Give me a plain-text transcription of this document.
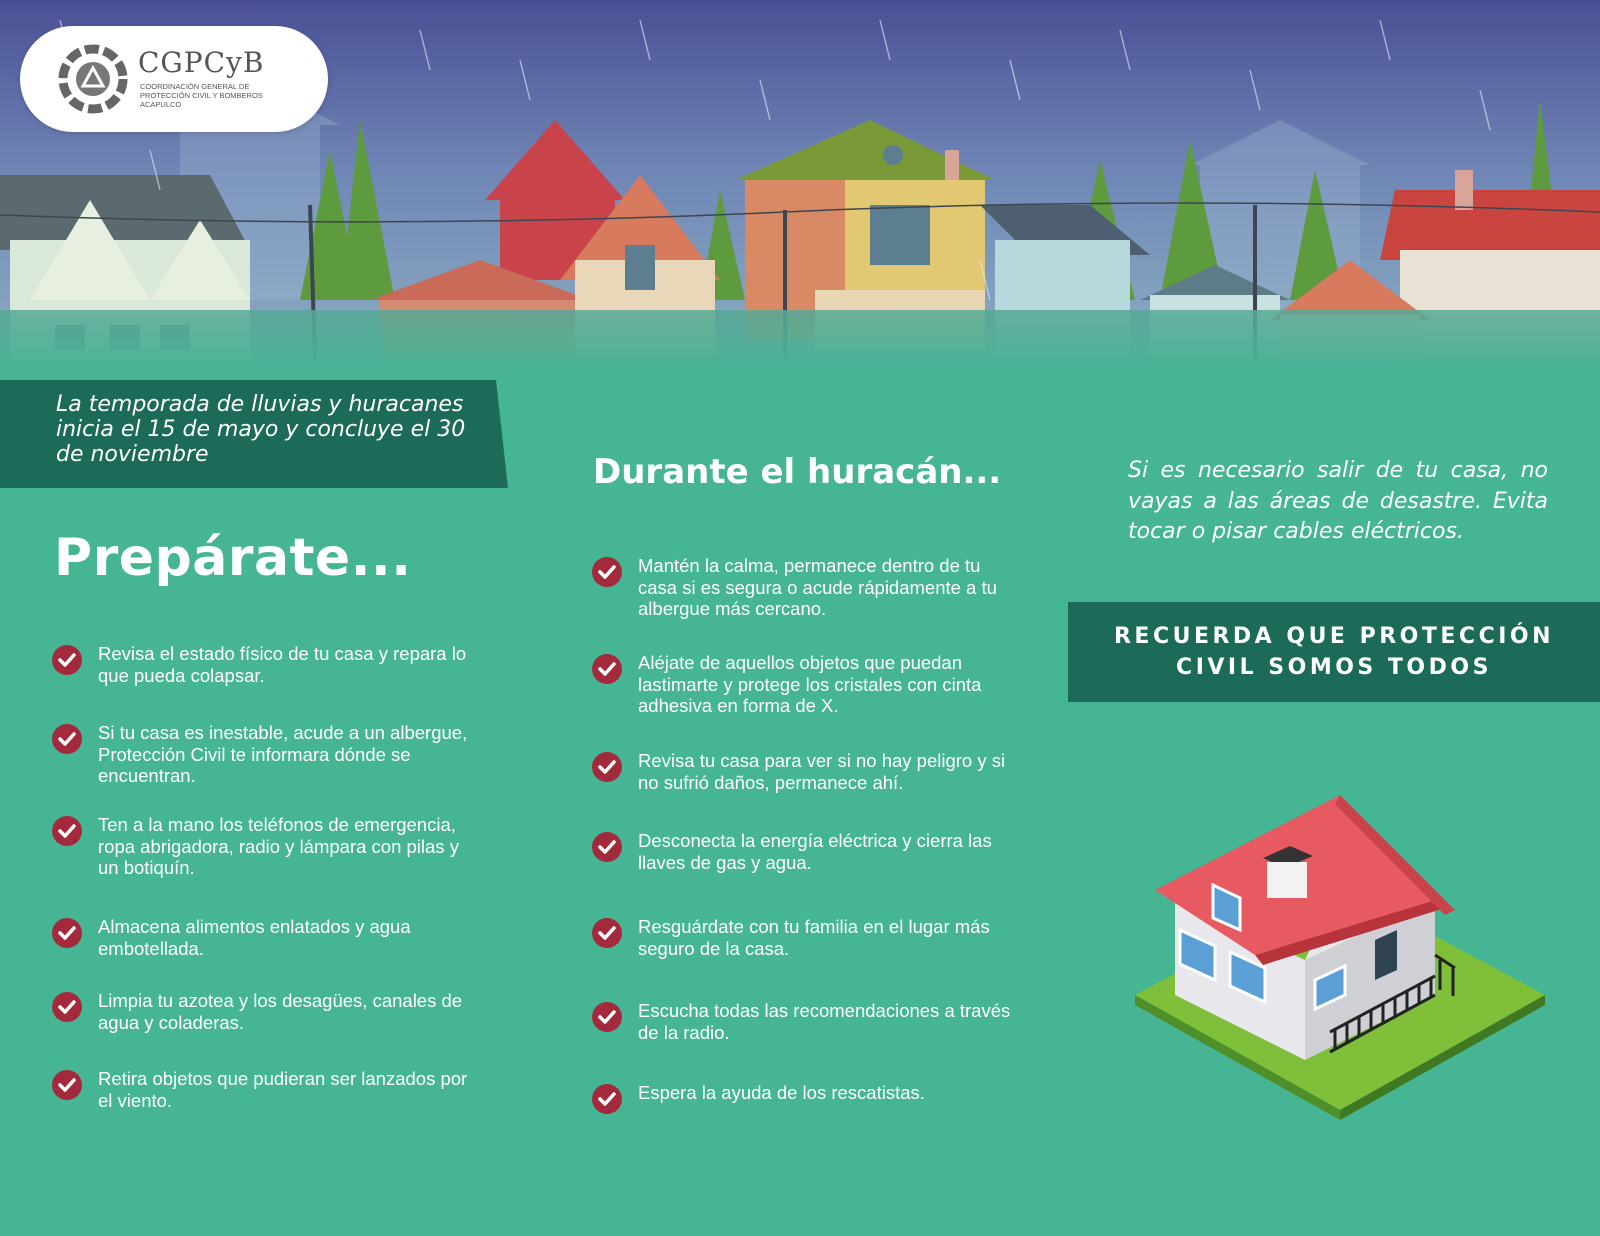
CGPCyB
COORDINACIÓN GENERAL DE PROTECCIÓN CIVIL Y BOMBEROS ACAPULCO
La temporada de lluvias y huracanes inicia el 15 de mayo y concluye el 30 de noviembre
Prepárate...
Revisa el estado físico de tu casa y repara lo que pueda colapsar.
Si tu casa es inestable, acude a un albergue, Protección Civil te informara dónde se encuentran.
Ten a la mano los teléfonos de emergencia, ropa abrigadora, radio y lámpara con pilas y un botiquín.
Almacena alimentos enlatados y agua embotellada.
Limpia tu azotea y los desagües, canales de agua y coladeras.
Retira objetos que pudieran ser lanzados por el viento.
Durante el huracán...
Mantén la calma, permanece dentro de tu casa si es segura o acude rápidamente a tu albergue más cercano.
Aléjate de aquellos objetos que puedan lastimarte y protege los cristales con cinta adhesiva en forma de X.
Revisa tu casa para ver si no hay peligro y si no sufrió daños, permanece ahí.
Desconecta la energía eléctrica y cierra las llaves de gas y agua.
Resguárdate con tu familia en el lugar más seguro de la casa.
Escucha todas las recomendaciones a través de la radio.
Espera la ayuda de los rescatistas.
Si es necesario salir de tu casa, no vayas a las áreas de desastre. Evita tocar o pisar cables eléctricos.
RECUERDA QUE PROTECCIÓN CIVIL SOMOS TODOS
